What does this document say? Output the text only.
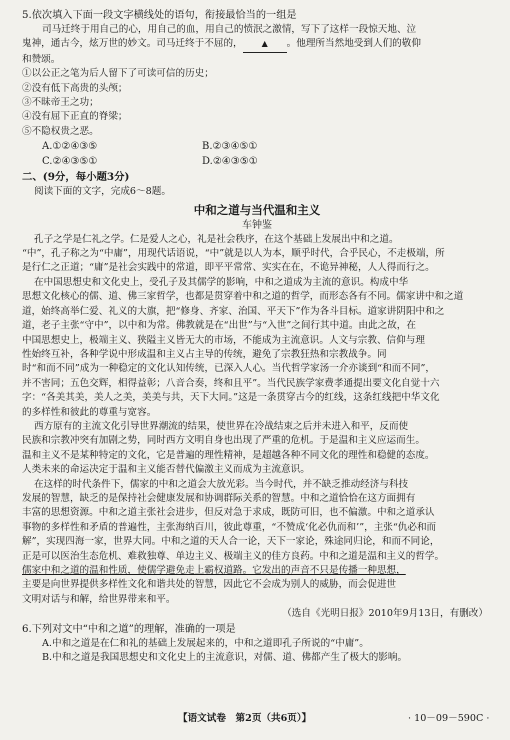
5.依次填入下面一段文字横线处的语句，衔接最恰当的一组是
司马迁终于用自己的心，用自己的血，用自己的愤泯之激情，写下了这样一段惊天地、泣
鬼神，通古今，炫万世的妙文。司马迁终于不屈的， ▲ 。他理所当然地受到人们的敬仰
和赞颂。
①以公正之笔为后人留下了可读可信的历史；
②没有低下高贵的头颅；
③不昧帝王之功；
④没有屈下正直的脊梁；
⑤不隐权贵之恶。
A.①②④③⑤	B.②③④⑤①
C.②④③⑤①	D.②④③⑤①
二、(9分，每小题3分)
阅读下面的文字，完成6～8题。
中和之道与当代温和主义
车钟鉴
孔子之学是仁礼之学。仁是爱人之心，礼是社会秩序，在这个基础上发展出中和之道。
“中”，孔子称之为“中庸”，用现代话语说，“中”就是以人为本，顺乎时代，合乎民心，不走极端，所
是行仁之正道；“庸”是社会实践中的常道，即平平常常、实实在在，不诡异神秘，人人得而行之。
在中国思想史和文化史上，受孔子及其儒学的影响，中和之道成为主流的意识。构成中华
思想文化核心的儒、道、佛三家哲学，也都是贯穿着中和之道的哲学，而形态各有不同。儒家讲中和之道
道，始终高举仁爱、礼义的大旗，把“修身、齐家、治国、平天下”作为各斗目标。道家讲阴阳中和之
道，老子主张“守中”，以中和为常。佛教就是在“出世”与“入世”之间行其中道。由此之故，在
中国思想史上，极端主义、狭隘主义皆无大的市场，不能成为主流意识。人文与宗教、信仰与理
性始终互补，各种学说中形成温和主义占主导的传统，避免了宗教狂热和宗教战争。同
时“和而不同”成为一种稳定的文化认知传统，已深入人心。当代哲学家汤一介亦谈到“和而不同”，
并不害同；五色交辉，相得益彰；八音合奏，终和且平”。当代民族学家费孝通提出要文化自觉十六
字：“各美其美，美人之美，美美与共，天下大同。”这是一条贯穿古今的红线，这条红线把中华文化
的多样性和彼此的尊重与宽容。
西方原有的主流文化引导世界潮流的结果，使世界在冷战结束之后并未进入和平，反而使
民族和宗教冲突有加剧之势，同时西方文明自身也出现了严重的危机。于是温和主义应运而生。
温和主义不是某种特定的文化，它是普遍的理性精神，是超越各种不同文化的理性和稳健的态度。
人类未来的命运决定于温和主义能否替代偏激主义而成为主流意识。
在这样的时代条件下，儒家的中和之道会大放光彩。当今时代，并不缺乏推动经济与科技
发展的智慧，缺乏的是保持社会健康发展和协调群际关系的智慧。中和之道恰恰在这方面拥有
丰富的思想资源。中和之道主张社会进步，但反对急于求成，既防可旧，也不偏激。中和之道承认
事物的多样性和矛盾的普遍性，主张海纳百川，彼此尊重，“不赞成‘化必仇而和’”，主张“仇必和而
解”，实现四海一家，世界大同。中和之道的天人合一论，天下一家论，殊途同归论，和而不同论，
正是可以医治生态危机、难救独尊、单边主义、极端主义的佳方良药。中和之道是温和主义的哲学。
儒家中和之道的温和性质，使儒学避免走上霸权道路。它发出的声音不只是传播一种思想，
主要是向世界提供多样性文化和谐共处的智慧，因此它不会成为别人的威胁，而会促进世
文明对话与和解，给世界带来和平。
（选自《光明日报》2010年9月13日，有删改）
6.下列对文中“中和之道”的理解，准确的一项是
A.中和之道是在仁和礼的基础上发展起来的，中和之道即孔子所说的“中庸”。
B.中和之道是我国思想史和文化史上的主流意识，对儒、道、佛都产生了极大的影响。
【语文试卷　第2页（共6页）】	· 10－09－590C ·
